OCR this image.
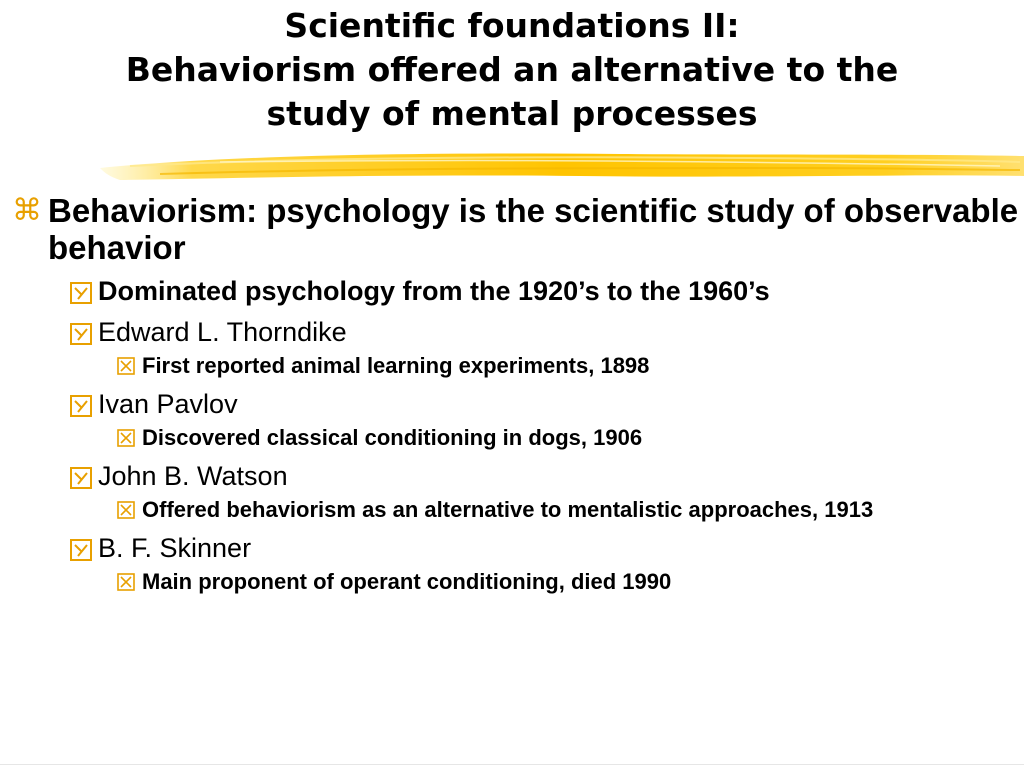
Scientific foundations II:
Behaviorism offered an alternative to the
study of mental processes
⌘ Behaviorism: psychology is the scientific study of observable behavior
Dominated psychology from the 1920’s to the 1960’s
Edward L. Thorndike
First reported animal learning experiments, 1898
Ivan Pavlov
Discovered classical conditioning in dogs, 1906
John B. Watson
Offered behaviorism as an alternative to mentalistic approaches, 1913
B. F. Skinner
Main proponent of operant conditioning, died 1990
